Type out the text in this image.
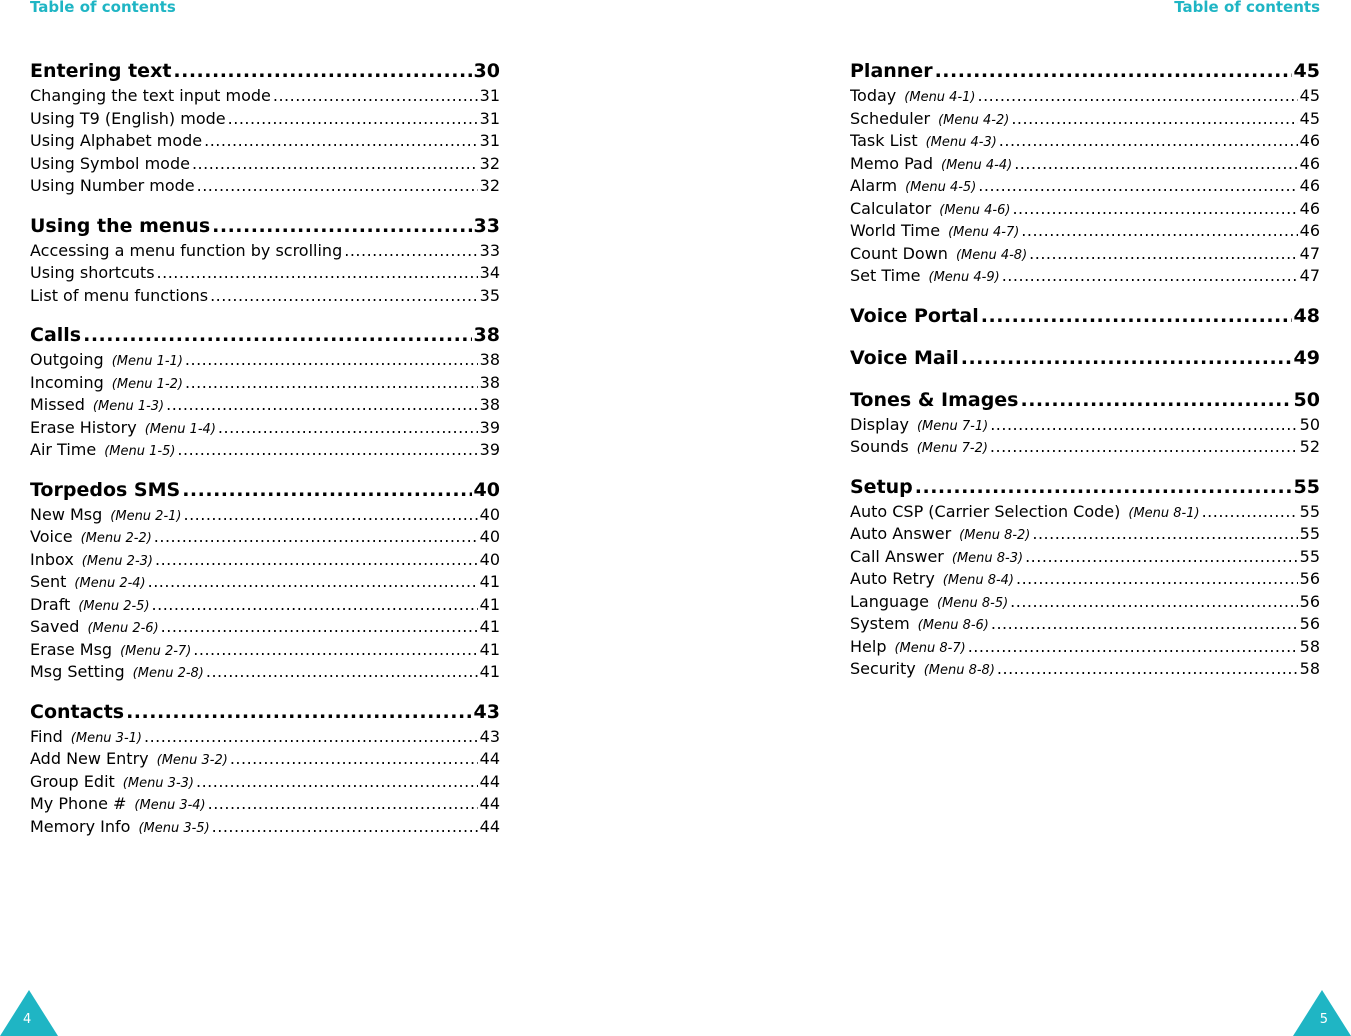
Table of contents	Table of contents
Entering text .....	30
Changing the text input mode .....	31
Using T9 (English) mode .....	31
Using Alphabet mode .....	31
Using Symbol mode .....	32
Using Number mode .....	32
Using the menus .....	33
Accessing a menu function by scrolling .....	33
Using shortcuts .....	34
List of menu functions .....	35
Calls .....	38
Outgoing (Menu 1-1) .....	38
Incoming (Menu 1-2) .....	38
Missed (Menu 1-3) .....	38
Erase History (Menu 1-4) .....	39
Air Time (Menu 1-5) .....	39
Torpedos SMS .....	40
New Msg (Menu 2-1) .....	40
Voice (Menu 2-2) .....	40
Inbox (Menu 2-3) .....	40
Sent (Menu 2-4) .....	41
Draft (Menu 2-5) .....	41
Saved (Menu 2-6) .....	41
Erase Msg (Menu 2-7) .....	41
Msg Setting (Menu 2-8) .....	41
Contacts .....	43
Find (Menu 3-1) .....	43
Add New Entry (Menu 3-2) .....	44
Group Edit (Menu 3-3) .....	44
My Phone # (Menu 3-4) .....	44
Memory Info (Menu 3-5) .....	44
Planner .....	45
Today (Menu 4-1) .....	45
Scheduler (Menu 4-2) .....	45
Task List (Menu 4-3) .....	46
Memo Pad (Menu 4-4) .....	46
Alarm (Menu 4-5) .....	46
Calculator (Menu 4-6) .....	46
World Time (Menu 4-7) .....	46
Count Down (Menu 4-8) .....	47
Set Time (Menu 4-9) .....	47
Voice Portal .....	48
Voice Mail .....	49
Tones & Images .....	50
Display (Menu 7-1) .....	50
Sounds (Menu 7-2) .....	52
Setup .....	55
Auto CSP (Carrier Selection Code) (Menu 8-1) .....	55
Auto Answer (Menu 8-2) .....	55
Call Answer (Menu 8-3) .....	55
Auto Retry (Menu 8-4) .....	56
Language (Menu 8-5) .....	56
System (Menu 8-6) .....	56
Help (Menu 8-7) .....	58
Security (Menu 8-8) .....	58
4	5
